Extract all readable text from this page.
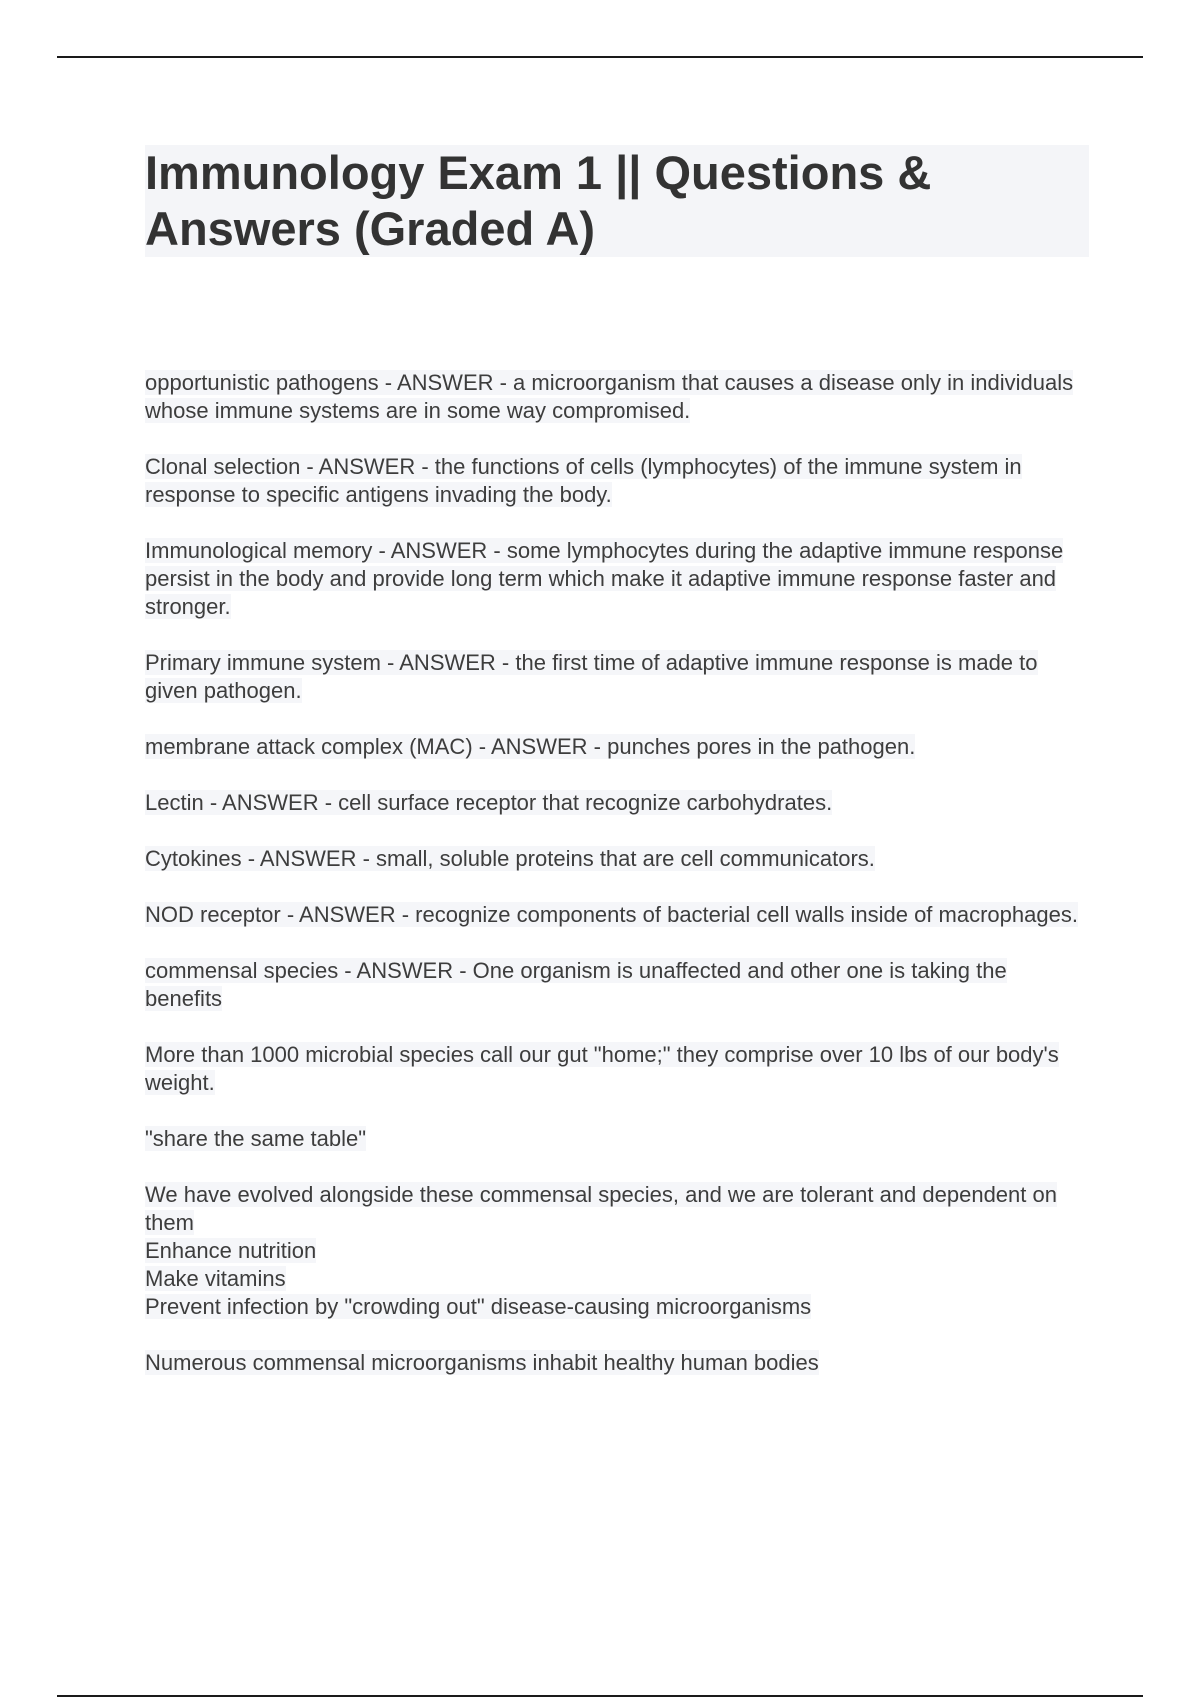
Immunology Exam 1 || Questions & Answers (Graded A)

opportunistic pathogens - ANSWER - a microorganism that causes a disease only in individuals whose immune systems are in some way compromised.

Clonal selection - ANSWER - the functions of cells (lymphocytes) of the immune system in response to specific antigens invading the body.

Immunological memory - ANSWER - some lymphocytes during the adaptive immune response persist in the body and provide long term which make it adaptive immune response faster and stronger.

Primary immune system - ANSWER - the first time of adaptive immune response is made to given pathogen.

membrane attack complex (MAC) - ANSWER - punches pores in the pathogen.

Lectin - ANSWER - cell surface receptor that recognize carbohydrates.

Cytokines - ANSWER - small, soluble proteins that are cell communicators.

NOD receptor - ANSWER - recognize components of bacterial cell walls inside of macrophages.

commensal species - ANSWER - One organism is unaffected and other one is taking the benefits

More than 1000 microbial species call our gut "home;" they comprise over 10 lbs of our body's weight.

"share the same table"

We have evolved alongside these commensal species, and we are tolerant and dependent on them
Enhance nutrition
Make vitamins
Prevent infection by "crowding out" disease-causing microorganisms

Numerous commensal microorganisms inhabit healthy human bodies
